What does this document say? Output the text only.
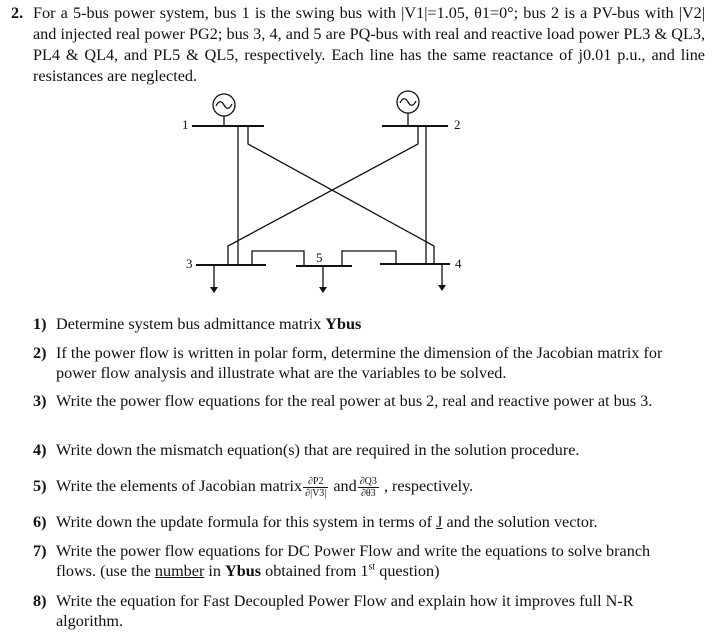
2. For a 5-bus power system, bus 1 is the swing bus with |V1|=1.05, θ1=0°; bus 2 is a PV-bus with |V2| and injected real power PG2; bus 3, 4, and 5 are PQ-bus with real and reactive load power PL3 & QL3, PL4 & QL4, and PL5 & QL5, respectively. Each line has the same reactance of j0.01 p.u., and line resistances are neglected.
1	2
3	5	4
1) Determine system bus admittance matrix Ybus
2) If the power flow is written in polar form, determine the dimension of the Jacobian matrix for power flow analysis and illustrate what are the variables to be solved.
3) Write the power flow equations for the real power at bus 2, real and reactive power at bus 3.
4) Write down the mismatch equation(s) that are required in the solution procedure.
5) Write the elements of Jacobian matrix $\frac{\partial P2}{\partial|V3|}$ and $\frac{\partial Q3}{\partial\theta 3}$ , respectively.
6) Write down the update formula for this system in terms of J and the solution vector.
7) Write the power flow equations for DC Power Flow and write the equations to solve branch flows. (use the number in Ybus obtained from 1st question)
8) Write the equation for Fast Decoupled Power Flow and explain how it improves full N-R algorithm.
